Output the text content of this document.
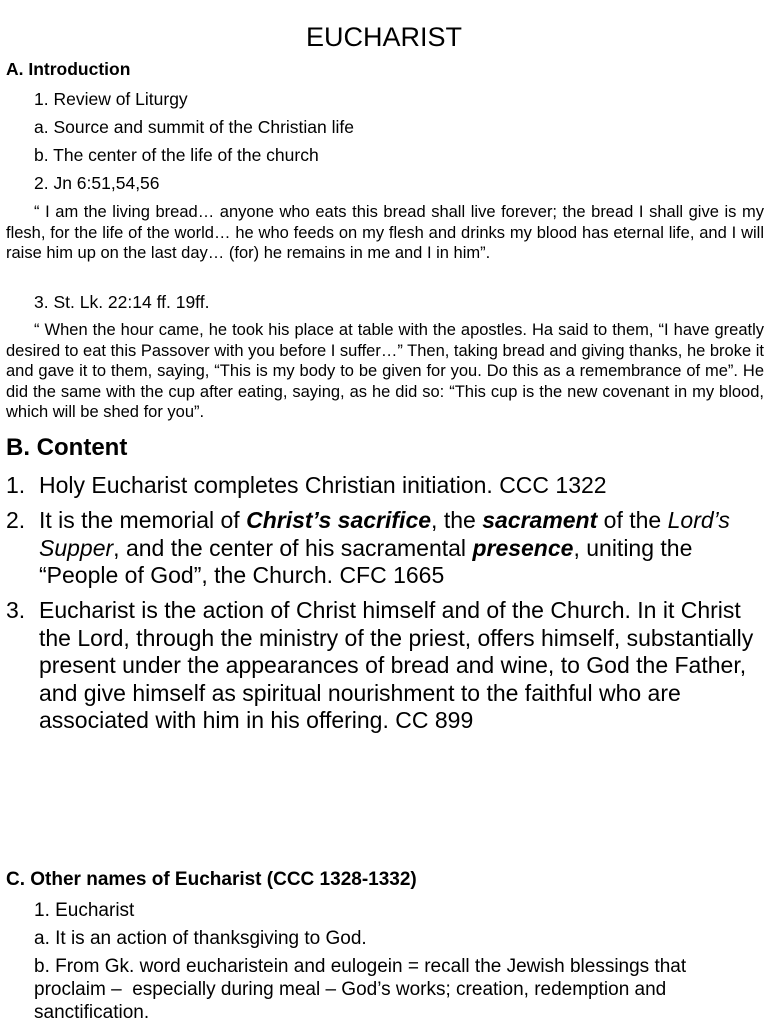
EUCHARIST
A. Introduction
1. Review of Liturgy
a. Source and summit of the Christian life
b. The center of the life of the church
2. Jn 6:51,54,56
“ I am the living bread… anyone who eats this bread shall live forever; the bread I shall give is my flesh, for the life of the world… he who feeds on my flesh and drinks my blood has eternal life, and I will raise him up on the last day… (for) he remains in me and I in him”.
3. St. Lk. 22:14 ff. 19ff.
“ When the hour came, he took his place at table with the apostles. Ha said to them, “I have greatly desired to eat this Passover with you before I suffer…” Then, taking bread and giving thanks, he broke it and gave it to them, saying, “This is my body to be given for you. Do this as a remembrance of me”. He did the same with the cup after eating, saying, as he did so: “This cup is the new covenant in my blood, which will be shed for you”.
B. Content
1. Holy Eucharist completes Christian initiation. CCC 1322
2. It is the memorial of Christ’s sacrifice, the sacrament of the Lord’s Supper, and the center of his sacramental presence, uniting the “People of God”, the Church. CFC 1665
3. Eucharist is the action of Christ himself and of the Church. In it Christ the Lord, through the ministry of the priest, offers himself, substantially present under the appearances of bread and wine, to God the Father, and give himself as spiritual nourishment to the faithful who are associated with him in his offering. CC 899
C. Other names of Eucharist (CCC 1328-1332)
1. Eucharist
a. It is an action of thanksgiving to God.
b. From Gk. word eucharistein and eulogein = recall the Jewish blessings that   proclaim –  especially during meal – God’s works; creation, redemption and  sanctification.
